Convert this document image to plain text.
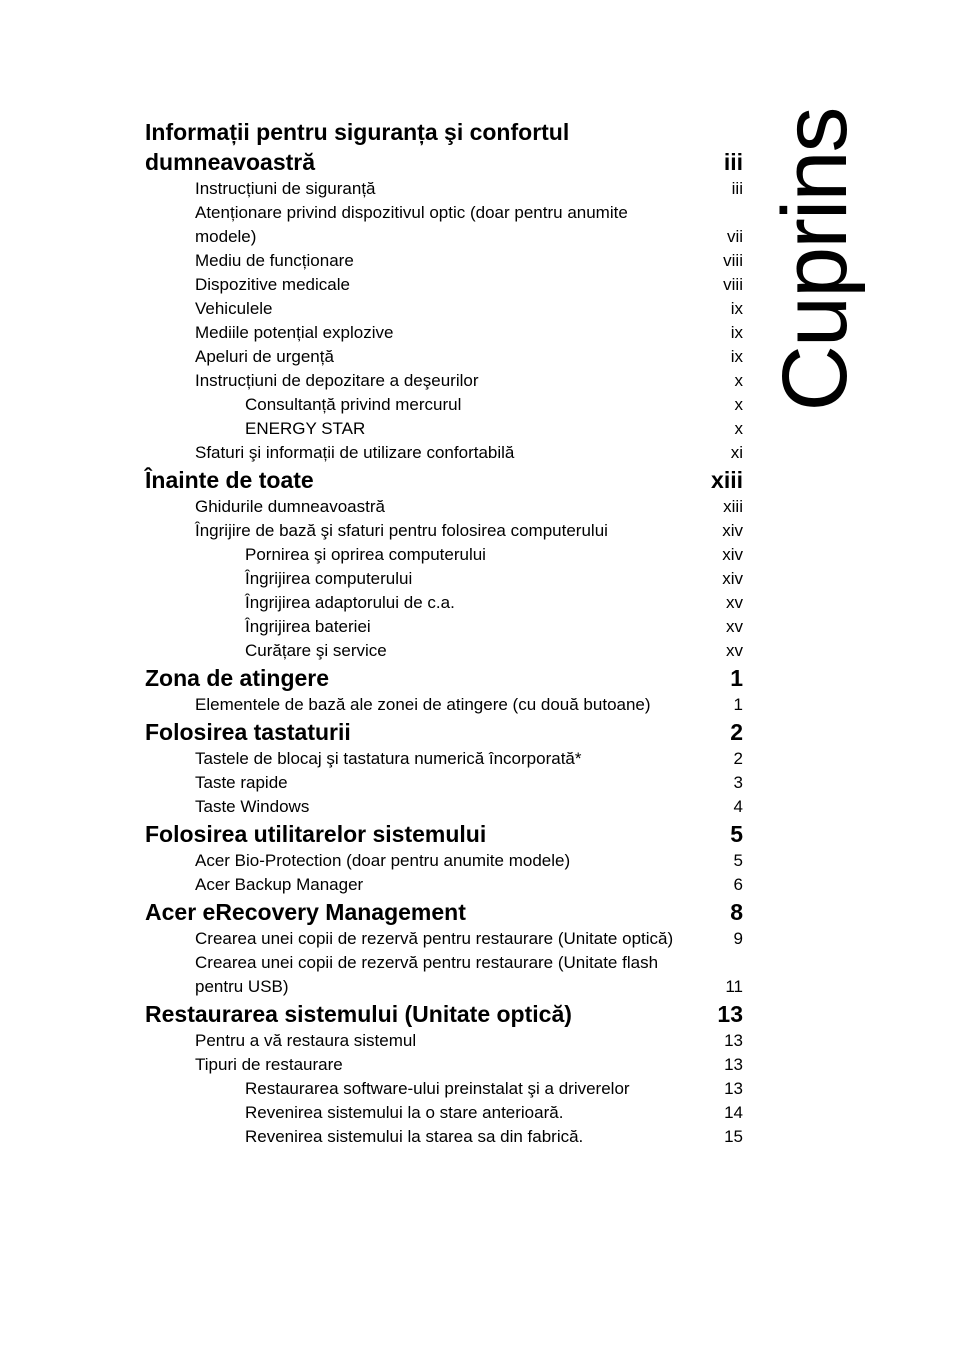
Cuprins
Informații pentru siguranța şi confortul dumneavoastră	iii
Instrucțiuni de siguranță	iii
Atenționare privind dispozitivul optic (doar pentru anumite modele)	vii
Mediu de funcționare	viii
Dispozitive medicale	viii
Vehiculele	ix
Mediile potențial explozive	ix
Apeluri de urgență	ix
Instrucțiuni de depozitare a deşeurilor	x
Consultanță privind mercurul	x
ENERGY STAR	x
Sfaturi şi informații de utilizare confortabilă	xi
Înainte de toate	xiii
Ghidurile dumneavoastră	xiii
Îngrijire de bază şi sfaturi pentru folosirea computerului	xiv
Pornirea şi oprirea computerului	xiv
Îngrijirea computerului	xiv
Îngrijirea adaptorului de c.a.	xv
Îngrijirea bateriei	xv
Curățare şi service	xv
Zona de atingere	1
Elementele de bază ale zonei de atingere (cu două butoane)	1
Folosirea tastaturii	2
Tastele de blocaj şi tastatura numerică încorporată*	2
Taste rapide	3
Taste Windows	4
Folosirea utilitarelor sistemului	5
Acer Bio-Protection (doar pentru anumite modele)	5
Acer Backup Manager	6
Acer eRecovery Management	8
Crearea unei copii de rezervă pentru restaurare (Unitate optică)	9
Crearea unei copii de rezervă pentru restaurare (Unitate flash pentru USB)	11
Restaurarea sistemului (Unitate optică)	13
Pentru a vă restaura sistemul	13
Tipuri de restaurare	13
Restaurarea software-ului preinstalat şi a driverelor	13
Revenirea sistemului la o stare anterioară.	14
Revenirea sistemului la starea sa din fabrică.	15
